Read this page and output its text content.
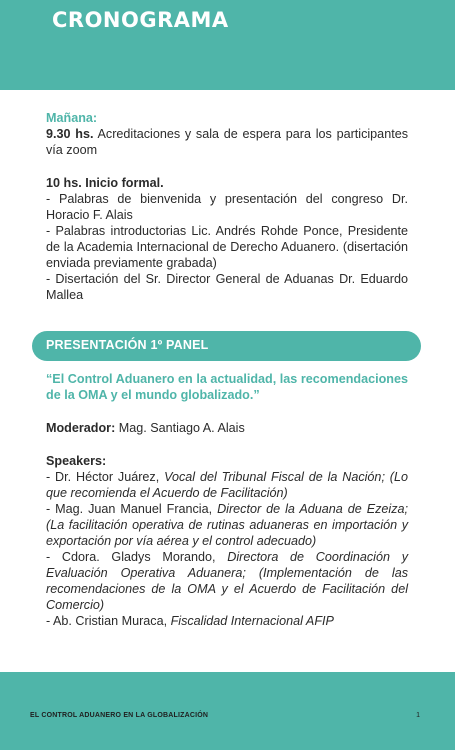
CRONOGRAMA

Mañana:

9.30 hs. Acreditaciones y sala de espera para los participantes vía zoom

10 hs. Inicio formal.

- Palabras de bienvenida y presentación del congreso Dr. Horacio F. Alais

- Palabras introductorias Lic. Andrés Rohde Ponce, Presidente de la Academia Internacional de Derecho Aduanero. (disertación enviada previamente grabada)

- Disertación del Sr. Director General de Aduanas Dr. Eduardo Mallea

PRESENTACIÓN 1º PANEL

“El Control Aduanero en la actualidad, las recomendaciones de la OMA y el mundo globalizado.”

Moderador: Mag. Santiago A. Alais

Speakers:

- Dr. Héctor Juárez, Vocal del Tribunal Fiscal de la Nación; (Lo que recomienda el Acuerdo de Facilitación)

- Mag. Juan Manuel Francia, Director de la Aduana de Ezeiza;(La facilitación operativa de rutinas aduaneras en importación y exportación por vía aérea y el control adecuado)

- Cdora. Gladys Morando, Directora de Coordinación y Evaluación Operativa Aduanera; (Implementación de las recomendaciones de la OMA y el Acuerdo de Facilitación del Comercio)

- Ab. Cristian Muraca, Fiscalidad Internacional AFIP

EL CONTROL ADUANERO EN LA GLOBALIZACIÓN	1
